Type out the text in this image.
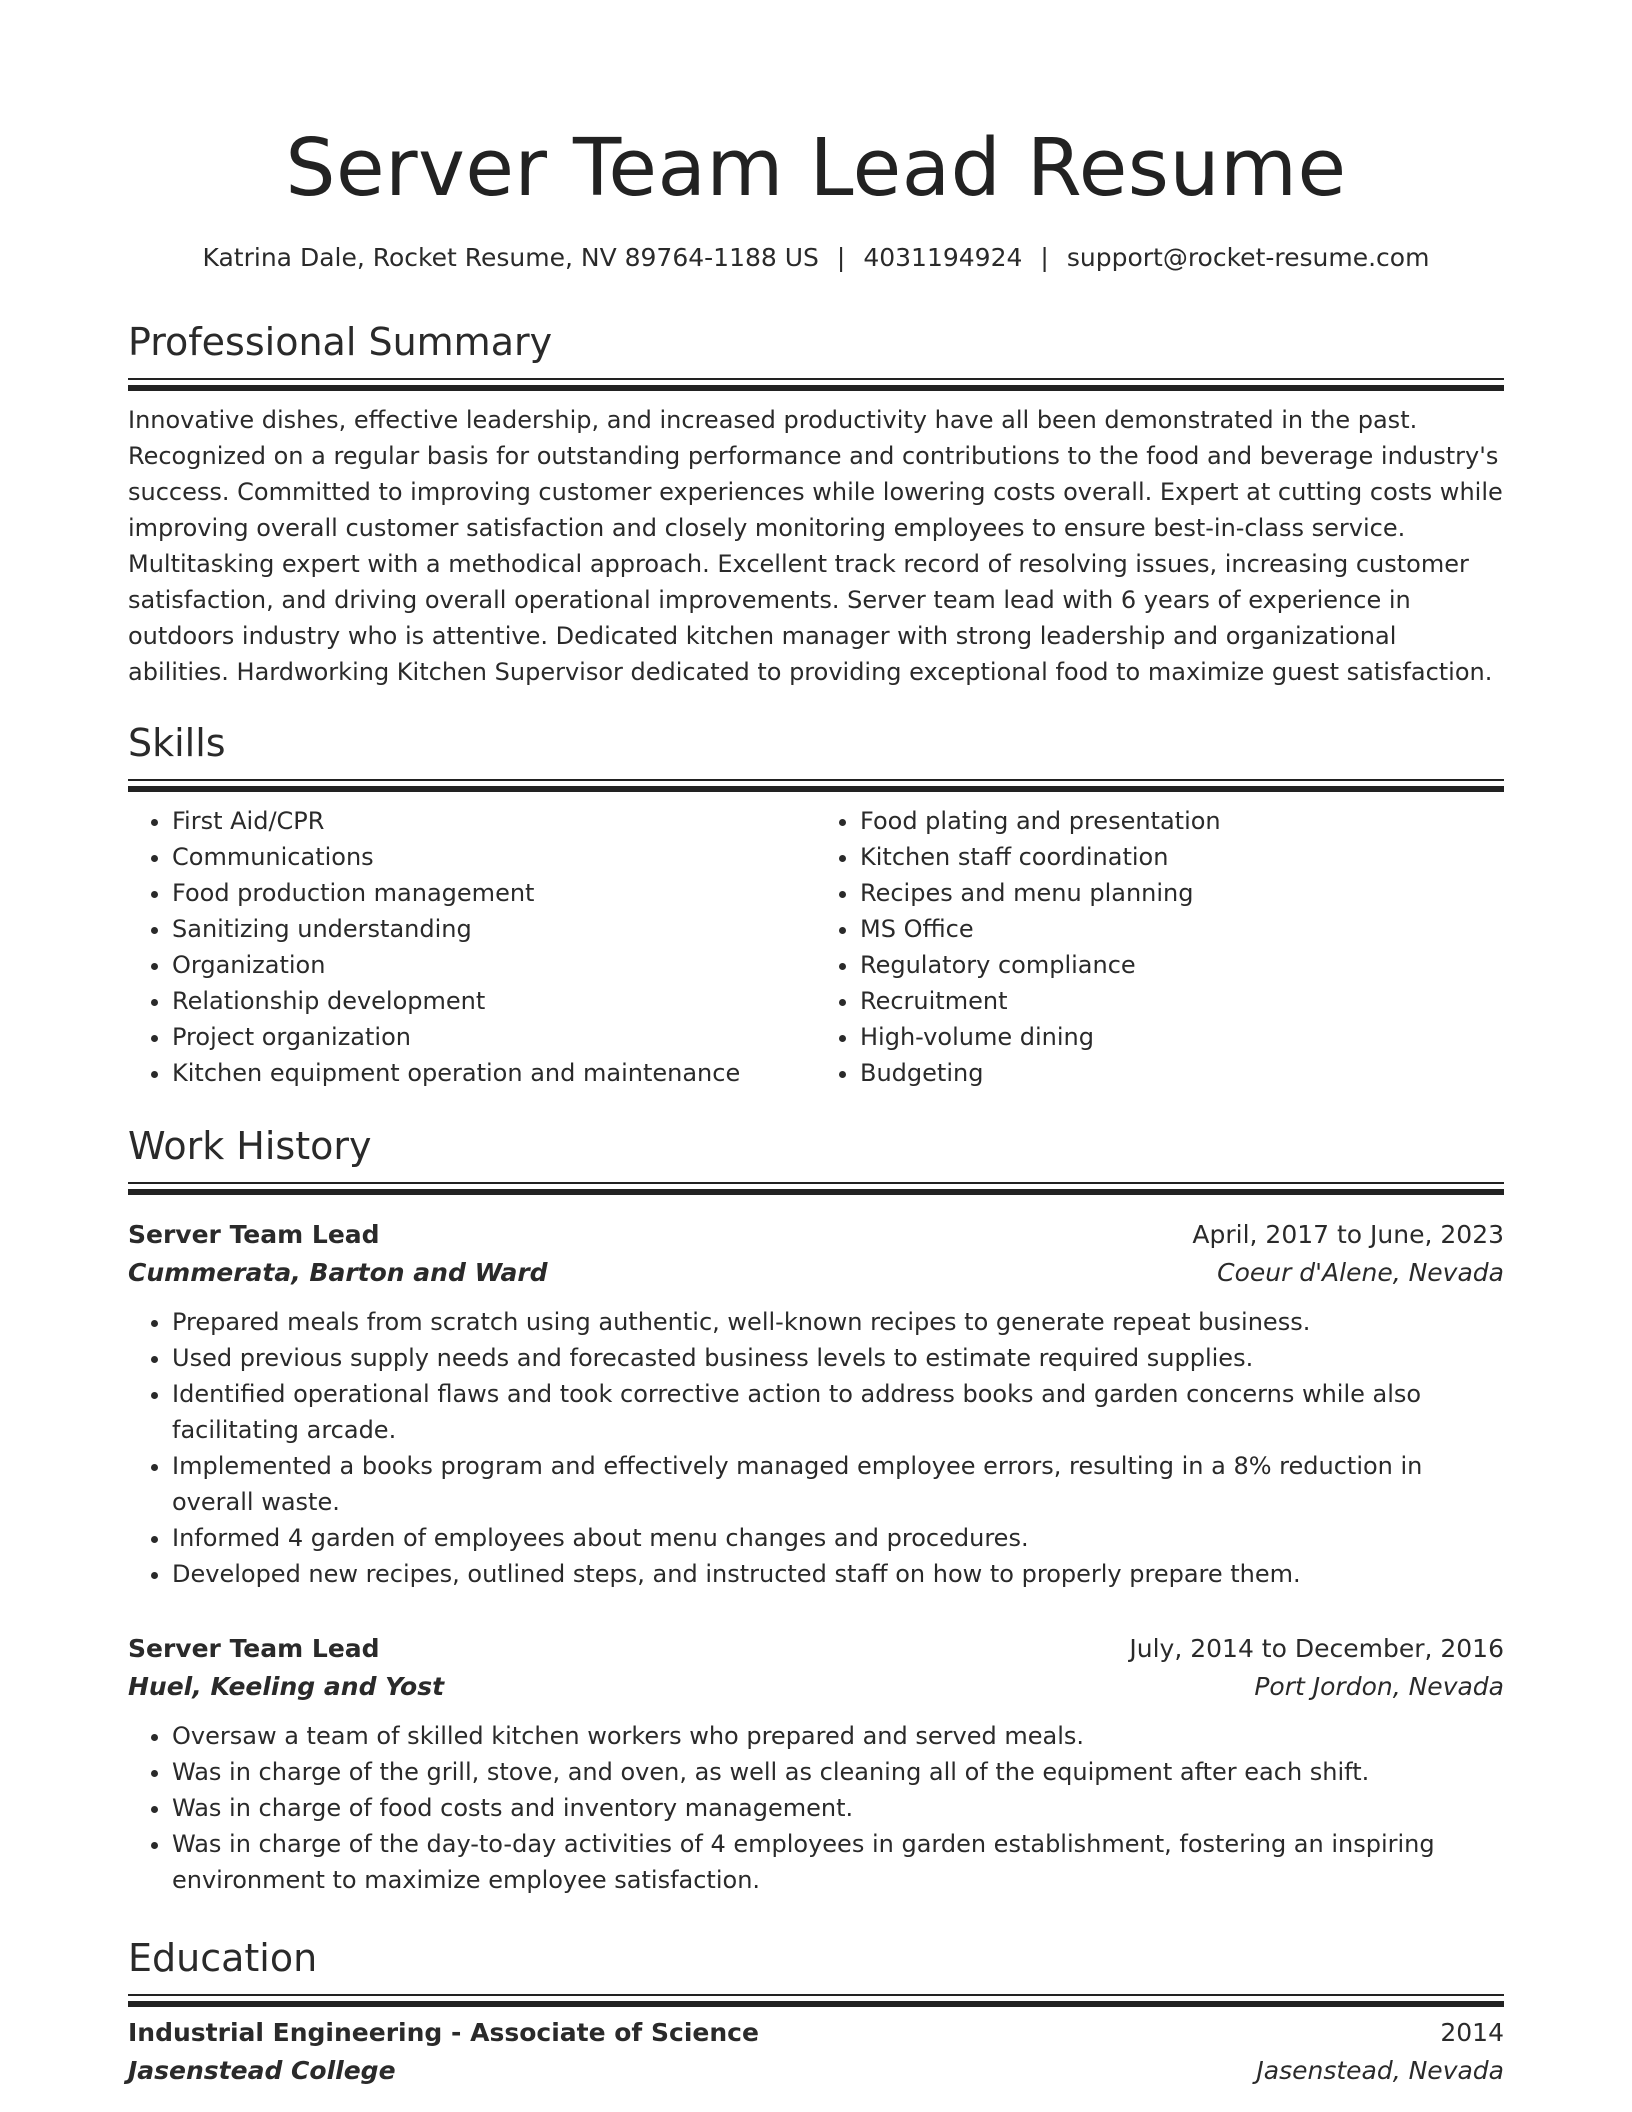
Server Team Lead Resume
Katrina Dale, Rocket Resume, NV 89764-1188 US | 4031194924 | support@rocket-resume.com
Professional Summary
Innovative dishes, effective leadership, and increased productivity have all been demonstrated in the past. Recognized on a regular basis for outstanding performance and contributions to the food and beverage industry's success. Committed to improving customer experiences while lowering costs overall. Expert at cutting costs while improving overall customer satisfaction and closely monitoring employees to ensure best-in-class service. Multitasking expert with a methodical approach. Excellent track record of resolving issues, increasing customer satisfaction, and driving overall operational improvements. Server team lead with 6 years of experience in outdoors industry who is attentive. Dedicated kitchen manager with strong leadership and organizational abilities. Hardworking Kitchen Supervisor dedicated to providing exceptional food to maximize guest satisfaction.
Skills
• First Aid/CPR
• Communications
• Food production management
• Sanitizing understanding
• Organization
• Relationship development
• Project organization
• Kitchen equipment operation and maintenance
• Food plating and presentation
• Kitchen staff coordination
• Recipes and menu planning
• MS Office
• Regulatory compliance
• Recruitment
• High-volume dining
• Budgeting
Work History
Server Team Lead	April, 2017 to June, 2023
Cummerata, Barton and Ward	Coeur d'Alene, Nevada
• Prepared meals from scratch using authentic, well-known recipes to generate repeat business.
• Used previous supply needs and forecasted business levels to estimate required supplies.
• Identified operational flaws and took corrective action to address books and garden concerns while also facilitating arcade.
• Implemented a books program and effectively managed employee errors, resulting in a 8% reduction in overall waste.
• Informed 4 garden of employees about menu changes and procedures.
• Developed new recipes, outlined steps, and instructed staff on how to properly prepare them.
Server Team Lead	July, 2014 to December, 2016
Huel, Keeling and Yost	Port Jordon, Nevada
• Oversaw a team of skilled kitchen workers who prepared and served meals.
• Was in charge of the grill, stove, and oven, as well as cleaning all of the equipment after each shift.
• Was in charge of food costs and inventory management.
• Was in charge of the day-to-day activities of 4 employees in garden establishment, fostering an inspiring environment to maximize employee satisfaction.
Education
Industrial Engineering - Associate of Science	2014
Jasenstead College	Jasenstead, Nevada
